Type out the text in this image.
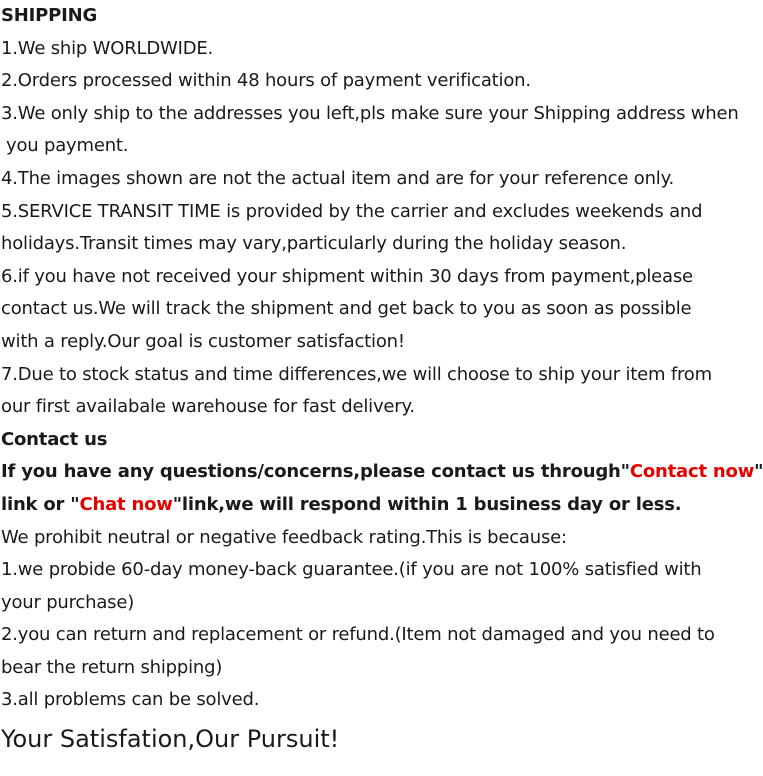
SHIPPING
1.We ship WORLDWIDE.
2.Orders processed within 48 hours of payment verification.
3.We only ship to the addresses you left,pls make sure your Shipping address when
you payment.
4.The images shown are not the actual item and are for your reference only.
5.SERVICE TRANSIT TIME is provided by the carrier and excludes weekends and
holidays.Transit times may vary,particularly during the holiday season.
6.if you have not received your shipment within 30 days from payment,please
contact us.We will track the shipment and get back to you as soon as possible
with a reply.Our goal is customer satisfaction!
7.Due to stock status and time differences,we will choose to ship your item from
our first availabale warehouse for fast delivery.
Contact us
If you have any questions/concerns,please contact us through"Contact now"
link or "Chat now"link,we will respond within 1 business day or less.
We prohibit neutral or negative feedback rating.This is because:
1.we probide 60-day money-back guarantee.(if you are not 100% satisfied with
your purchase)
2.you can return and replacement or refund.(Item not damaged and you need to
bear the return shipping)
3.all problems can be solved.
Your Satisfation,Our Pursuit!
